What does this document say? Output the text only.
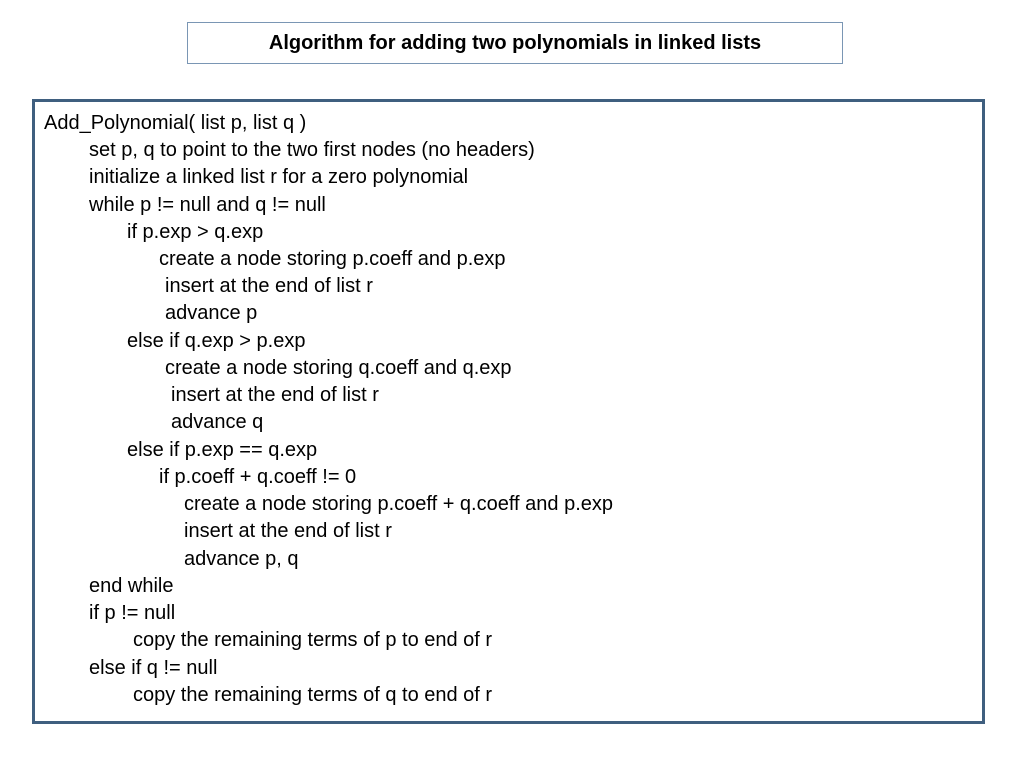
Algorithm for adding two polynomials in linked lists
Add_Polynomial( list p, list q )
set p, q to point to the two first nodes (no headers)
initialize a linked list r for a zero polynomial
while p != null and q != null
if p.exp > q.exp
create a node storing p.coeff and p.exp
insert at the end of list r
advance p
else if q.exp > p.exp
create a node storing q.coeff and q.exp
insert at the end of list r
advance q
else if p.exp == q.exp
if p.coeff + q.coeff != 0
create a node storing p.coeff + q.coeff and p.exp
insert at the end of list r
advance p, q
end while
if p != null
copy the remaining terms of p to end of r
else if q != null
copy the remaining terms of q to end of r
